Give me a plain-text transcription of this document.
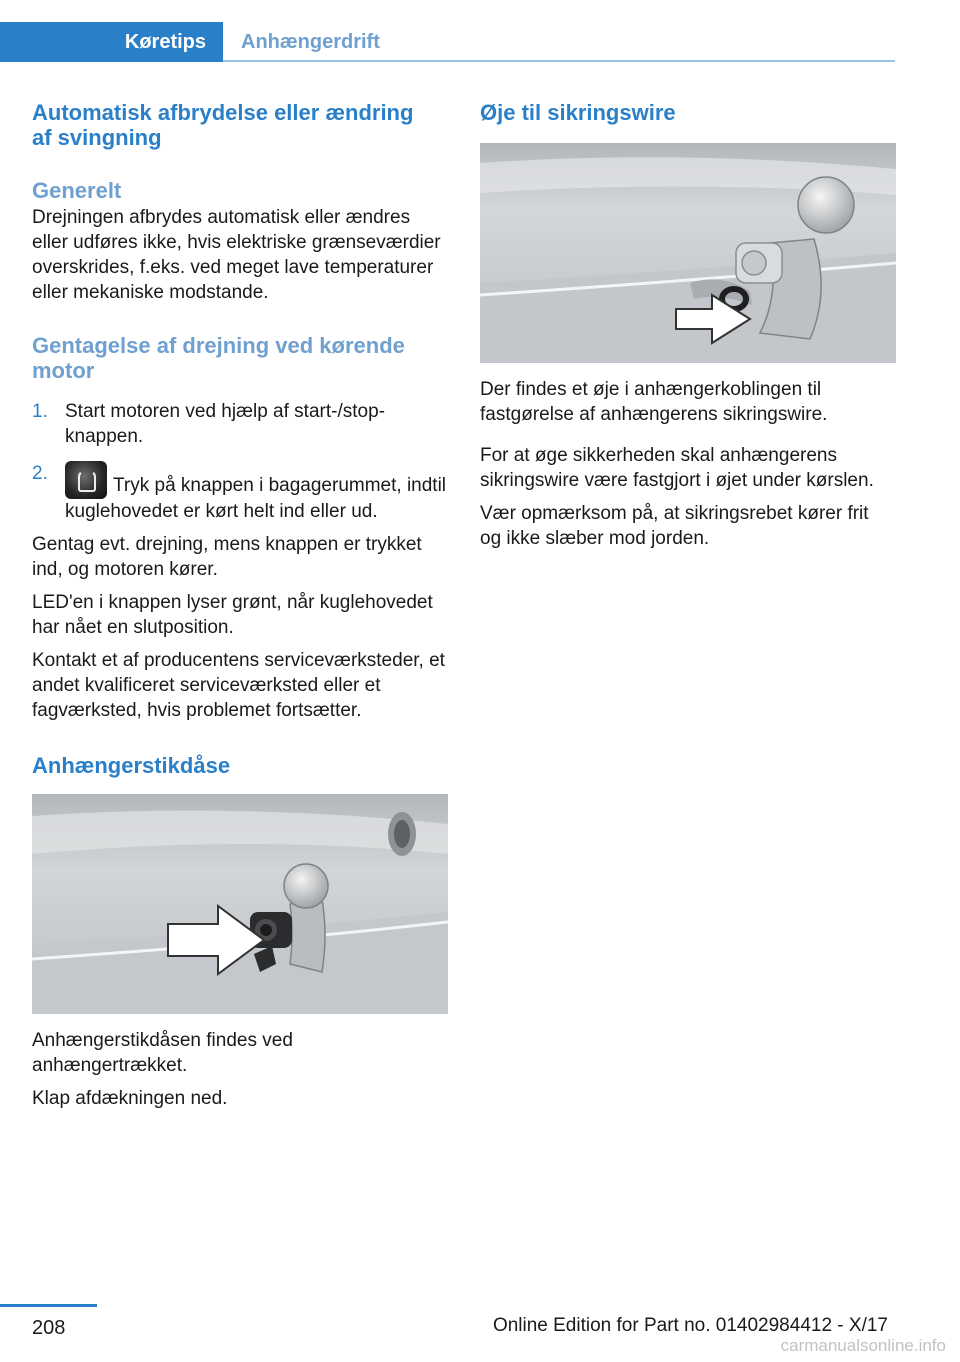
Køretips	Anhængerdrift
Automatisk afbrydelse eller ændring af svingning
Generelt

Drejningen afbrydes automatisk eller ændres eller udføres ikke, hvis elektriske grænseværdier overskrides, f.eks. ved meget lave temperaturer eller mekaniske modstande.

Gentagelse af drejning ved kørende motor
1. Start motoren ved hjælp af start-/stop-knappen.
2.
Tryk på knappen i bagagerummet, indtil kuglehovedet er kørt helt ind eller ud.

Gentag evt. drejning, mens knappen er trykket ind, og motoren kører.

LED'en i knappen lyser grønt, når kuglehovedet har nået en slutposition.

Kontakt et af producentens serviceværksteder, et andet kvalificeret serviceværksted eller et fagværksted, hvis problemet fortsætter.

Anhængerstikdåse

Anhængerstikdåsen findes ved anhængertrækket.

Klap afdækningen ned.

Øje til sikringswire

Der findes et øje i anhængerkoblingen til fastgørelse af anhængerens sikringswire.

For at øge sikkerheden skal anhængerens sikringswire være fastgjort i øjet under kørslen.

Vær opmærksom på, at sikringsrebet kører frit og ikke slæber mod jorden.

208	Online Edition for Part no. 01402984412 - X/17
carmanualsonline.info
